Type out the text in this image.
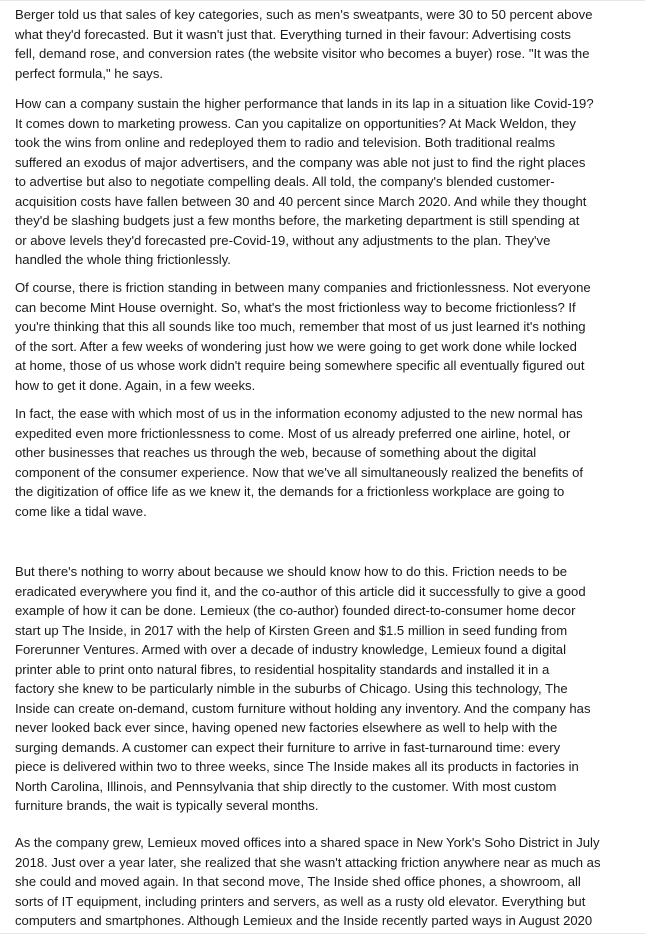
Berger told us that sales of key categories, such as men's sweatpants, were 30 to 50 percent above
what they'd forecasted. But it wasn't just that. Everything turned in their favour: Advertising costs
fell, demand rose, and conversion rates (the website visitor who becomes a buyer) rose. "It was the
perfect formula," he says.

How can a company sustain the higher performance that lands in its lap in a situation like Covid-19?
It comes down to marketing prowess. Can you capitalize on opportunities? At Mack Weldon, they
took the wins from online and redeployed them to radio and television. Both traditional realms
suffered an exodus of major advertisers, and the company was able not just to find the right places
to advertise but also to negotiate compelling deals. All told, the company's blended customer-
acquisition costs have fallen between 30 and 40 percent since March 2020. And while they thought
they'd be slashing budgets just a few months before, the marketing department is still spending at
or above levels they'd forecasted pre-Covid-19, without any adjustments to the plan. They've
handled the whole thing frictionlessly.

Of course, there is friction standing in between many companies and frictionlessness. Not everyone
can become Mint House overnight. So, what's the most frictionless way to become frictionless? If
you're thinking that this all sounds like too much, remember that most of us just learned it's nothing
of the sort. After a few weeks of wondering just how we were going to get work done while locked
at home, those of us whose work didn't require being somewhere specific all eventually figured out
how to get it done. Again, in a few weeks.

In fact, the ease with which most of us in the information economy adjusted to the new normal has
expedited even more frictionlessness to come. Most of us already preferred one airline, hotel, or
other businesses that reaches us through the web, because of something about the digital
component of the consumer experience. Now that we've all simultaneously realized the benefits of
the digitization of office life as we knew it, the demands for a frictionless workplace are going to
come like a tidal wave.

But there's nothing to worry about because we should know how to do this. Friction needs to be
eradicated everywhere you find it, and the co-author of this article did it successfully to give a good
example of how it can be done. Lemieux (the co-author) founded direct-to-consumer home decor
start up The Inside, in 2017 with the help of Kirsten Green and $1.5 million in seed funding from
Forerunner Ventures. Armed with over a decade of industry knowledge, Lemieux found a digital
printer able to print onto natural fibres, to residential hospitality standards and installed it in a
factory she knew to be particularly nimble in the suburbs of Chicago. Using this technology, The
Inside can create on-demand, custom furniture without holding any inventory. And the company has
never looked back ever since, having opened new factories elsewhere as well to help with the
surging demands. A customer can expect their furniture to arrive in fast-turnaround time: every
piece is delivered within two to three weeks, since The Inside makes all its products in factories in
North Carolina, Illinois, and Pennsylvania that ship directly to the customer. With most custom
furniture brands, the wait is typically several months.

As the company grew, Lemieux moved offices into a shared space in New York's Soho District in July
2018. Just over a year later, she realized that she wasn't attacking friction anywhere near as much as
she could and moved again. In that second move, The Inside shed office phones, a showroom, all
sorts of IT equipment, including printers and servers, as well as a rusty old elevator. Everything but
computers and smartphones. Although Lemieux and the Inside recently parted ways in August 2020
